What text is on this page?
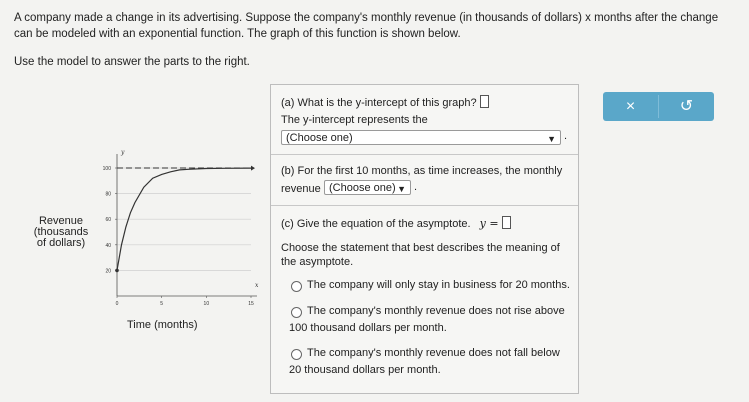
A company made a change in its advertising. Suppose the company's monthly revenue (in thousands of dollars) x months after the change can be modeled with an exponential function. The graph of this function is shown below.
Use the model to answer the parts to the right.
Revenue
(thousands
of dollars)
Time (months)
y
x
20
40
60
80
100
0	5	10	15

(a) What is the y-intercept of this graph?

The y-intercept represents the

(Choose one)	▼ .

(b) For the first 10 months, as time increases, the monthly

revenue (Choose one) ▼ .

(c) Give the equation of the asymptote. y =

Choose the statement that best describes the meaning of

the asymptote.

The company will only stay in business for 20 months.

The company's monthly revenue does not rise above

100 thousand dollars per month.

The company's monthly revenue does not fall below

20 thousand dollars per month.

×	↺
